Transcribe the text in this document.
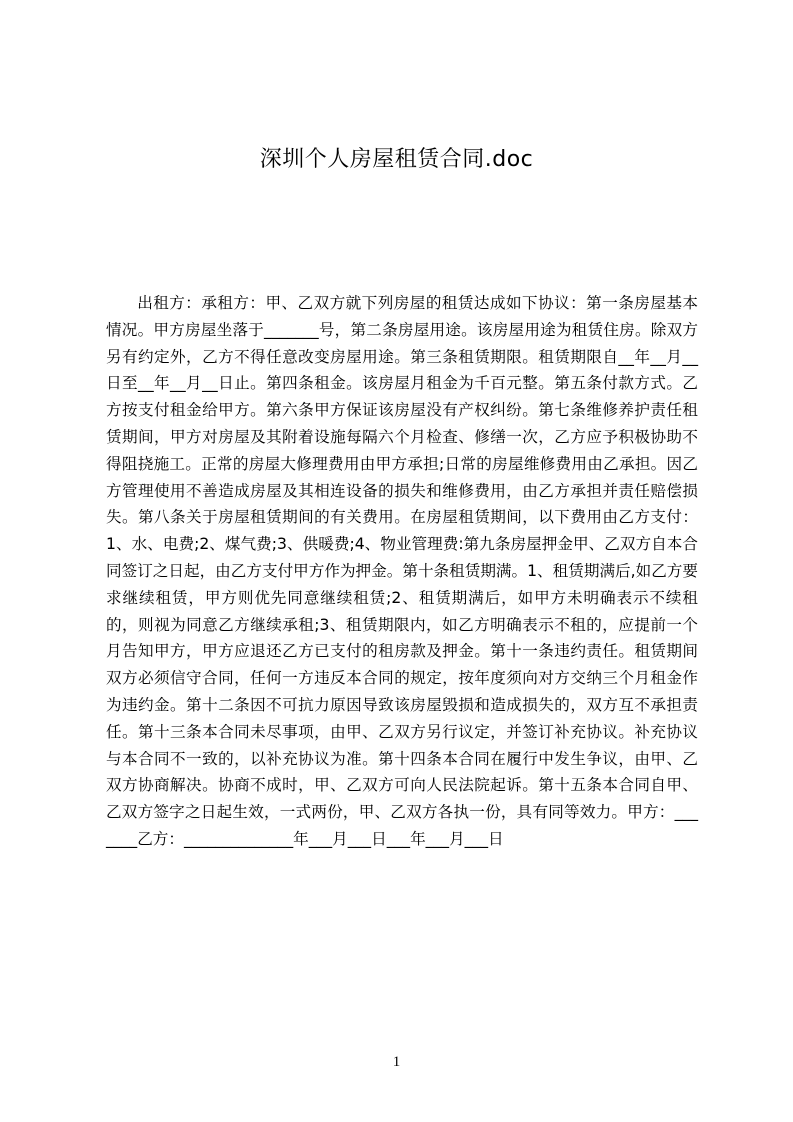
深圳个人房屋租赁合同.doc
出租方：承租方：甲、乙双方就下列房屋的租赁达成如下协议：第一条房屋基本情况。甲方房屋坐落于_______号，第二条房屋用途。该房屋用途为租赁住房。除双方另有约定外，乙方不得任意改变房屋用途。第三条租赁期限。租赁期限自__年__月__日至__年__月__日止。第四条租金。该房屋月租金为千百元整。第五条付款方式。乙方按支付租金给甲方。第六条甲方保证该房屋没有产权纠纷。第七条维修养护责任租赁期间，甲方对房屋及其附着设施每隔六个月检查、修缮一次，乙方应予积极协助不得阻挠施工。正常的房屋大修理费用由甲方承担;日常的房屋维修费用由乙承担。因乙方管理使用不善造成房屋及其相连设备的损失和维修费用，由乙方承担并责任赔偿损失。第八条关于房屋租赁期间的有关费用。在房屋租赁期间，以下费用由乙方支付：1、水、电费;2、煤气费;3、供暖费;4、物业管理费:第九条房屋押金甲、乙双方自本合同签订之日起，由乙方支付甲方作为押金。第十条租赁期满。1、租赁期满后,如乙方要求继续租赁，甲方则优先同意继续租赁;2、租赁期满后，如甲方未明确表示不续租的，则视为同意乙方继续承租;3、租赁期限内，如乙方明确表示不租的，应提前一个月告知甲方，甲方应退还乙方已支付的租房款及押金。第十一条违约责任。租赁期间双方必须信守合同，任何一方违反本合同的规定，按年度须向对方交纳三个月租金作为违约金。第十二条因不可抗力原因导致该房屋毁损和造成损失的，双方互不承担责任。第十三条本合同未尽事项，由甲、乙双方另行议定，并签订补充协议。补充协议与本合同不一致的，以补充协议为准。第十四条本合同在履行中发生争议，由甲、乙双方协商解决。协商不成时，甲、乙双方可向人民法院起诉。第十五条本合同自甲、乙双方签字之日起生效，一式两份，甲、乙双方各执一份，具有同等效力。甲方：_______乙方：______________年___月___日___年___月___日
1
